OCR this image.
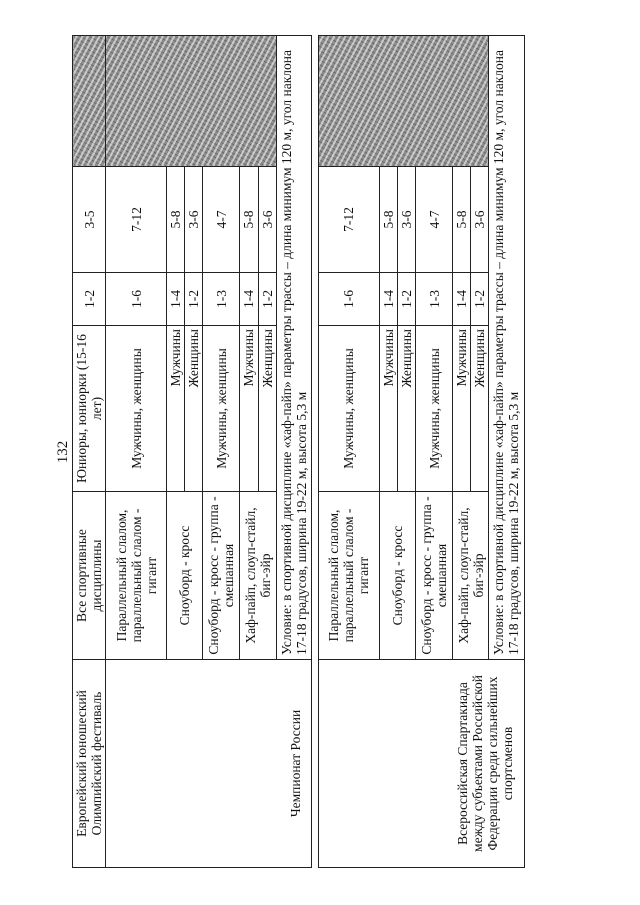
132
Европейский юношеский Олимпийский фестиваль	Все спортивные дисциплины	Юниоры, юниорки (15-16 лет)	1-2	3-5	
Чемпионат России	Параллельный слалом, параллельный слалом - гигант	Мужчины, женщины	1-6	7-12	
	Сноуборд - кросс	Мужчины	1-4	5-8	
		Женщины	1-2	3-6	
	Сноуборд - кросс - группа - смешанная	Мужчины, женщины	1-3	4-7	
	Хаф-пайп, слоуп-стайл, биг-эйр	Мужчины	1-4	5-8	
		Женщины	1-2	3-6	
	Условие: в спортивной дисциплине «хаф-пайп» параметры трассы – длина минимум 120 м, угол наклона 17-18 градусов, ширина 19-22 м, высота 5,3 м				

Всероссийская Спартакиада между субъектами Российской Федерации среди сильнейших спортсменов	Параллельный слалом, параллельный слалом - гигант	Мужчины, женщины	1-6	7-12	
	Сноуборд - кросс	Мужчины	1-4	5-8	
		Женщины	1-2	3-6	
	Сноуборд - кросс - группа - смешанная	Мужчины, женщины	1-3	4-7	
	Хаф-пайп, слоуп-стайл, биг-эйр	Мужчины	1-4	5-8	
		Женщины	1-2	3-6	
	Условие: в спортивной дисциплине «хаф-пайп» параметры трассы – длина минимум 120 м, угол наклона 17-18 градусов, ширина 19-22 м, высота 5,3 м				
